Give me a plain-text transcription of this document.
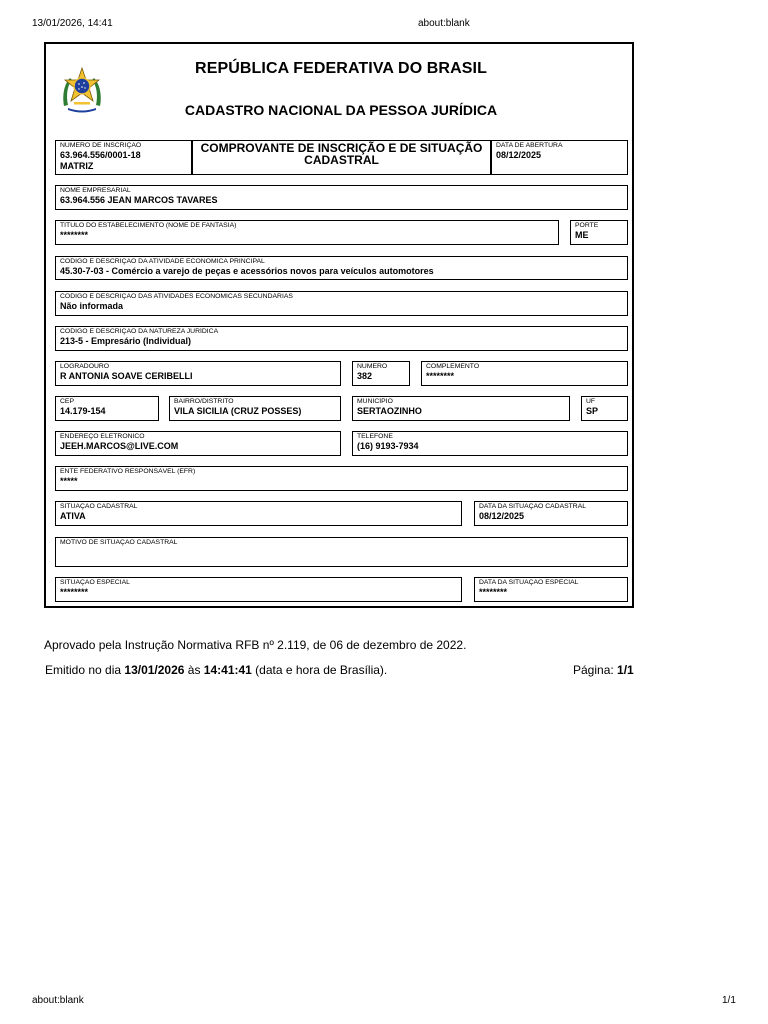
13/01/2026, 14:41	about:blank
REPÚBLICA FEDERATIVA DO BRASIL
CADASTRO NACIONAL DA PESSOA JURÍDICA
NÚMERO DE INSCRIÇÃO
63.964.556/0001-18
MATRIZ
COMPROVANTE DE INSCRIÇÃO E DE SITUAÇÃO CADASTRAL
DATA DE ABERTURA
08/12/2025
NOME EMPRESARIAL
63.964.556 JEAN MARCOS TAVARES
TÍTULO DO ESTABELECIMENTO (NOME DE FANTASIA)
********
PORTE
ME
CÓDIGO E DESCRIÇÃO DA ATIVIDADE ECONÔMICA PRINCIPAL
45.30-7-03 - Comércio a varejo de peças e acessórios novos para veículos automotores
CÓDIGO E DESCRIÇÃO DAS ATIVIDADES ECONÔMICAS SECUNDÁRIAS
Não informada
CÓDIGO E DESCRIÇÃO DA NATUREZA JURÍDICA
213-5 - Empresário (Individual)
LOGRADOURO
R ANTONIA SOAVE CERIBELLI
NÚMERO
382
COMPLEMENTO
********
CEP
14.179-154
BAIRRO/DISTRITO
VILA SICILIA (CRUZ POSSES)
MUNICÍPIO
SERTAOZINHO
UF
SP
ENDEREÇO ELETRÔNICO
JEEH.MARCOS@LIVE.COM
TELEFONE
(16) 9193-7934
ENTE FEDERATIVO RESPONSÁVEL (EFR)
*****
SITUAÇÃO CADASTRAL
ATIVA
DATA DA SITUAÇÃO CADASTRAL
08/12/2025
MOTIVO DE SITUAÇÃO CADASTRAL
SITUAÇÃO ESPECIAL
********
DATA DA SITUAÇÃO ESPECIAL
********
Aprovado pela Instrução Normativa RFB nº 2.119, de 06 de dezembro de 2022.
Emitido no dia 13/01/2026 às 14:41:41 (data e hora de Brasília).	Página: 1/1
about:blank	1/1
